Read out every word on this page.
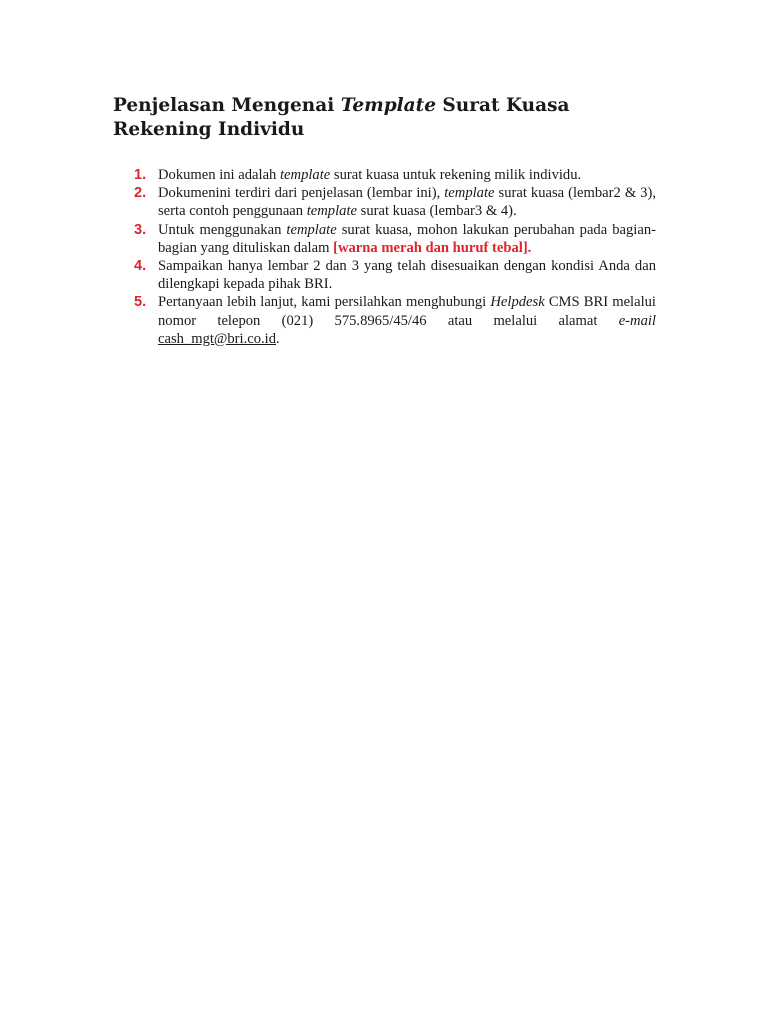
Penjelasan Mengenai Template Surat Kuasa
Rekening Individu
1. Dokumen ini adalah template surat kuasa untuk rekening milik individu.
2. Dokumenini terdiri dari penjelasan (lembar ini), template surat kuasa (lembar2 & 3), serta contoh penggunaan template surat kuasa (lembar3 & 4).
3. Untuk menggunakan template surat kuasa, mohon lakukan perubahan pada bagian-bagian yang dituliskan dalam [warna merah dan huruf tebal].
4. Sampaikan hanya lembar 2 dan 3 yang telah disesuaikan dengan kondisi Anda dan dilengkapi kepada pihak BRI.
5. Pertanyaan lebih lanjut, kami persilahkan menghubungi Helpdesk CMS BRI melalui nomor telepon (021) 575.8965/45/46 atau melalui alamat e-mail cash_mgt@bri.co.id.
